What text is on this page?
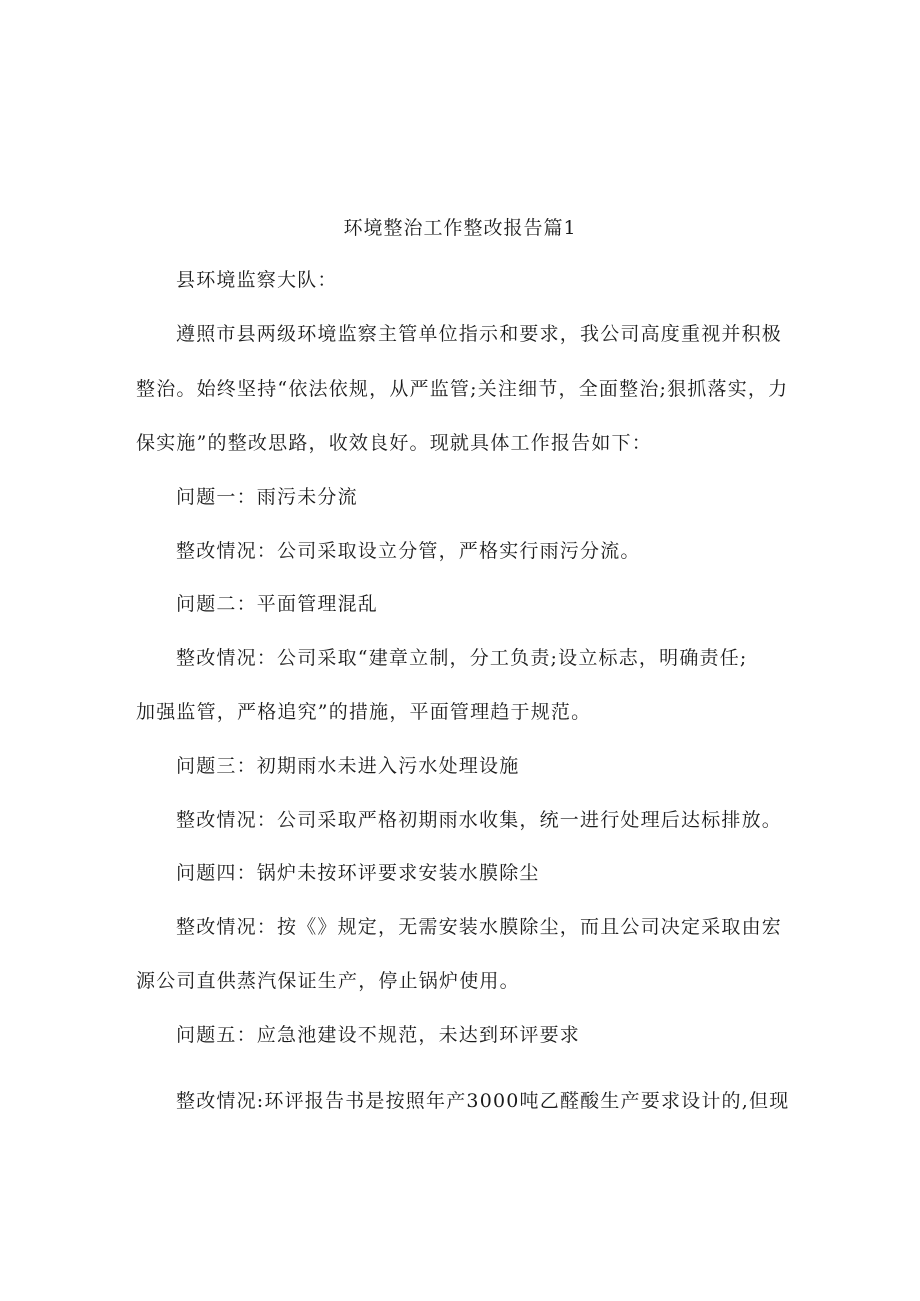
环境整治工作整改报告篇1
县环境监察大队：
遵照市县两级环境监察主管单位指示和要求，我公司高度重视并积极
整治。始终坚持“依法依规，从严监管;关注细节，全面整治;狠抓落实，力
保实施”的整改思路，收效良好。现就具体工作报告如下：
问题一：雨污未分流
整改情况：公司采取设立分管，严格实行雨污分流。
问题二：平面管理混乱
整改情况：公司采取“建章立制，分工负责;设立标志，明确责任;
加强监管，严格追究”的措施，平面管理趋于规范。
问题三：初期雨水未进入污水处理设施
整改情况：公司采取严格初期雨水收集，统一进行处理后达标排放。
问题四：锅炉未按环评要求安装水膜除尘
整改情况：按《》规定，无需安装水膜除尘，而且公司决定采取由宏
源公司直供蒸汽保证生产，停止锅炉使用。
问题五：应急池建设不规范，未达到环评要求
整改情况:环评报告书是按照年产3000吨乙醛酸生产要求设计的,但现
